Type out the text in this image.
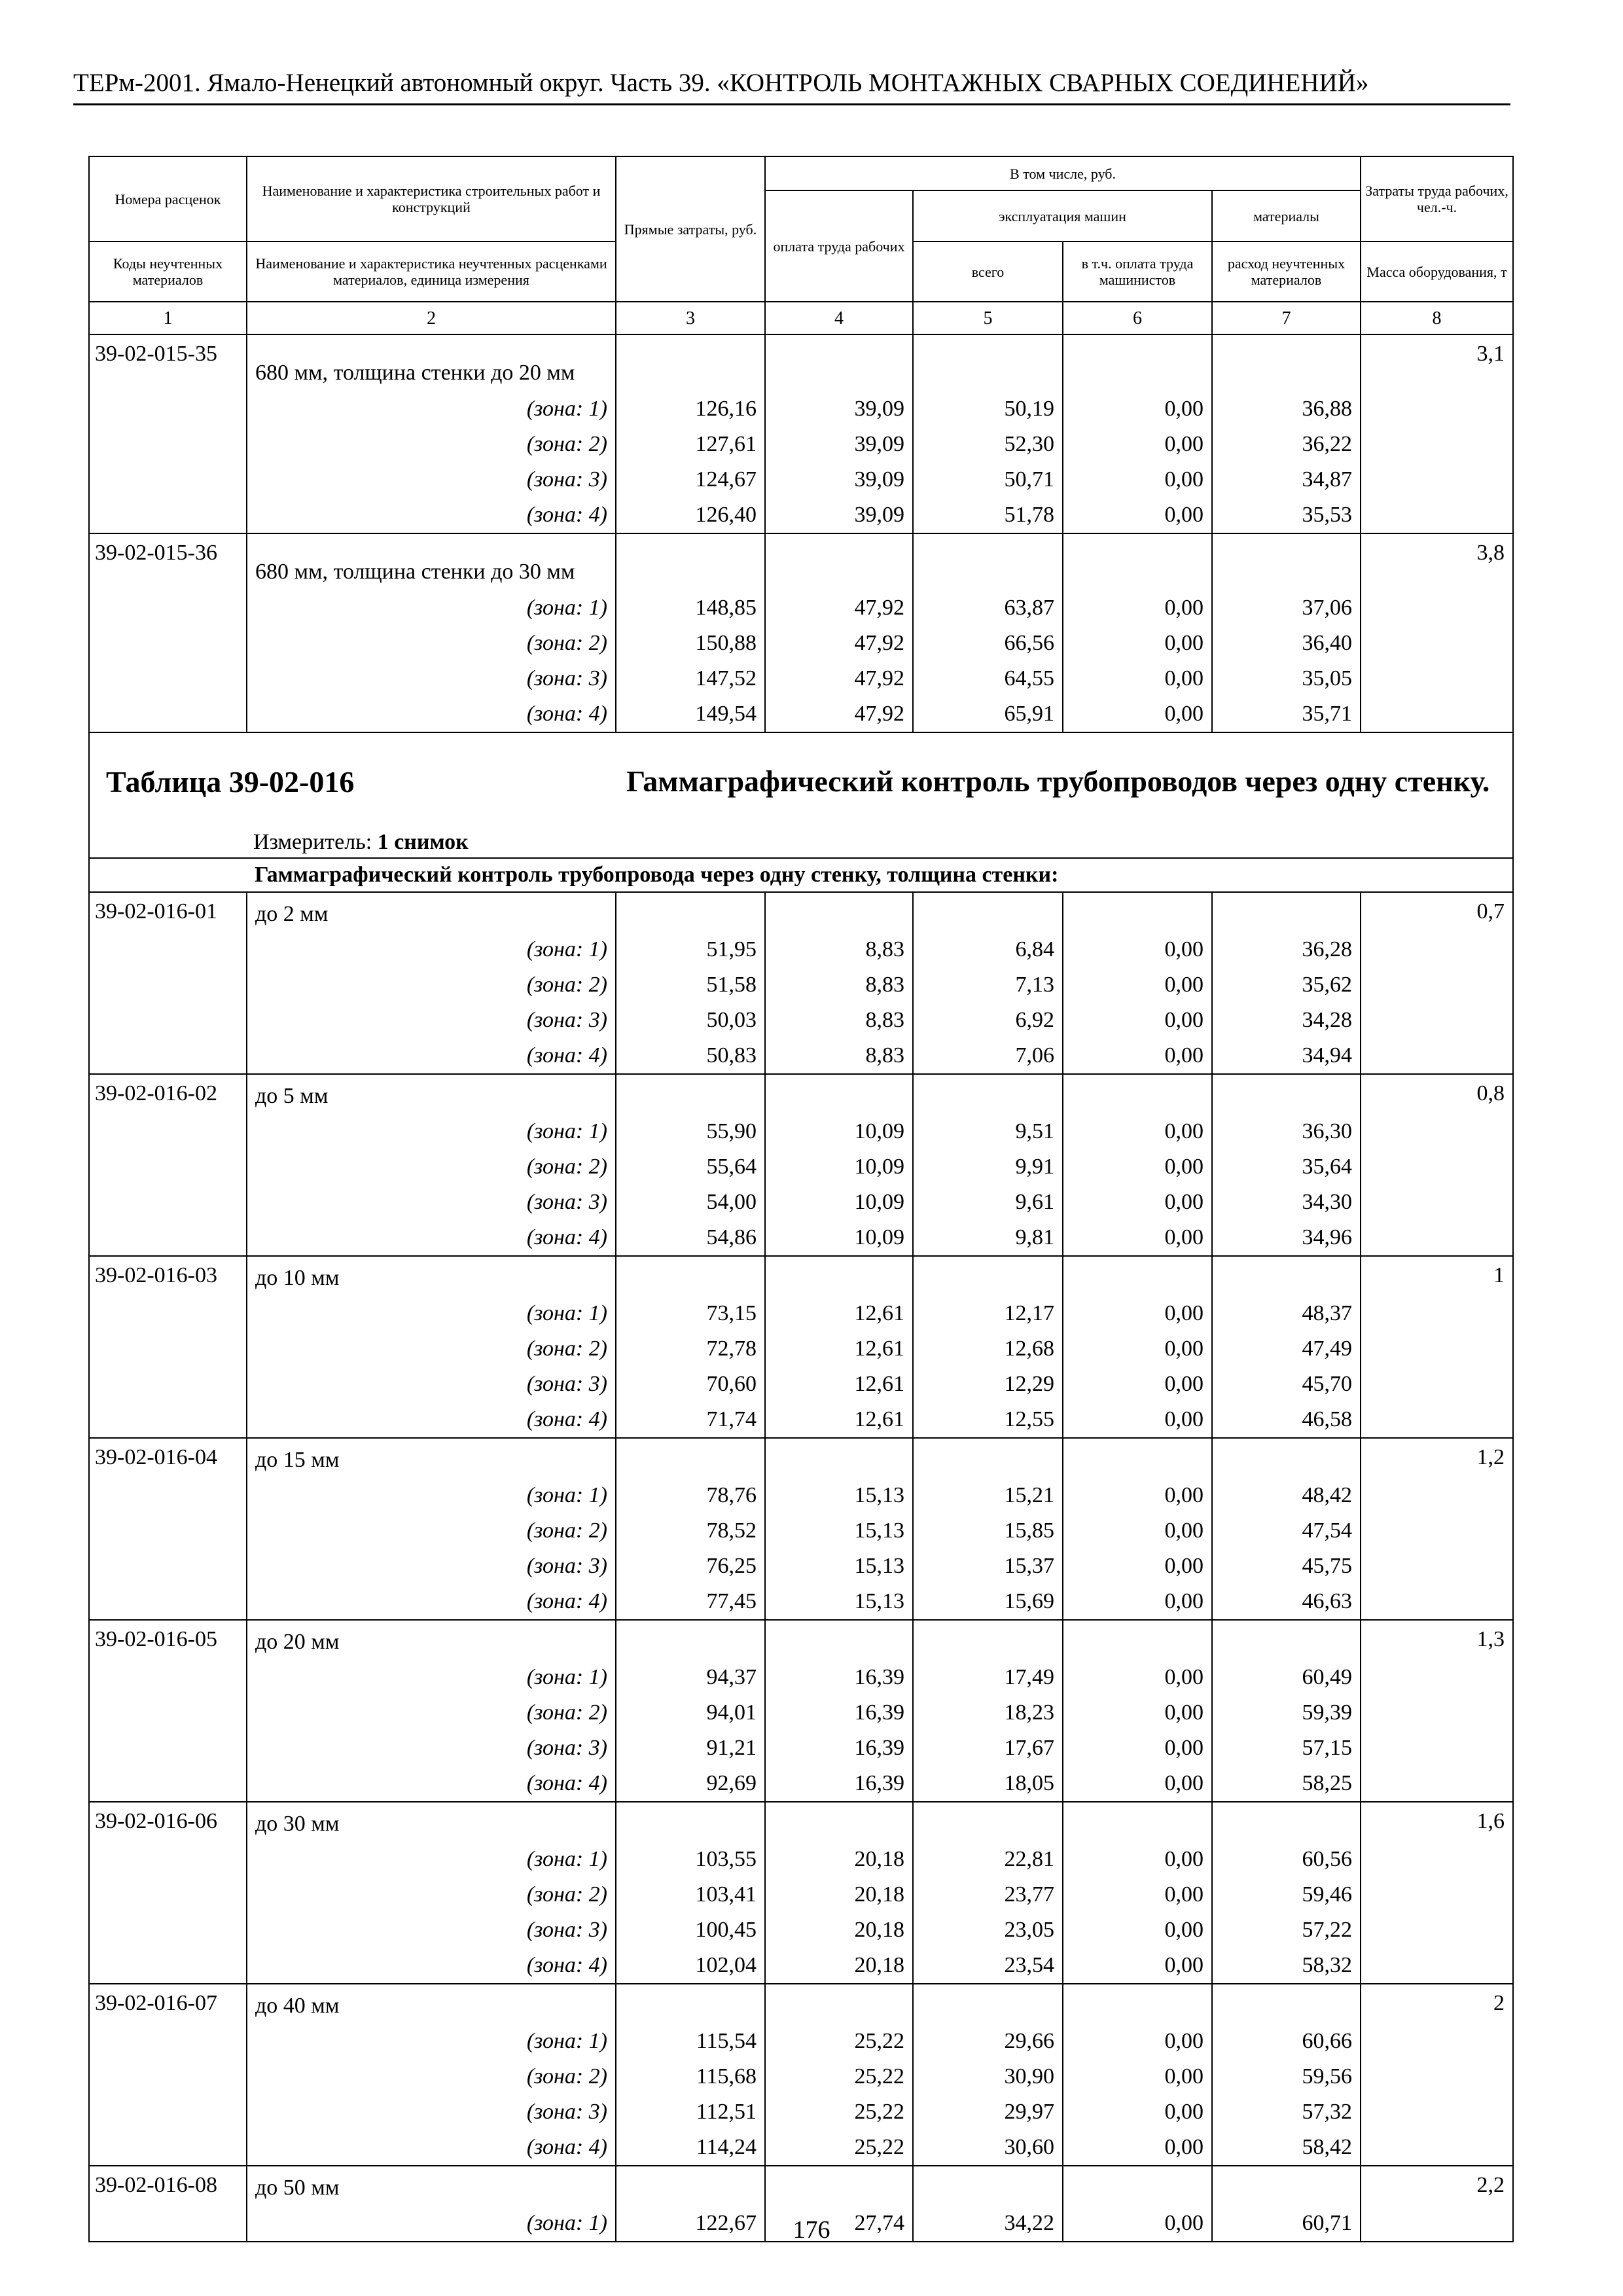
ТЕРм-2001. Ямало-Ненецкий автономный округ. Часть 39. «КОНТРОЛЬ МОНТАЖНЫХ СВАРНЫХ СОЕДИНЕНИЙ»
Номера расценок	Наименование и характеристика строительных работ и конструкций	Прямые затраты, руб.	В том числе, руб.				Затраты труда рабочих, чел.-ч.
			оплата труда рабочих	эксплуатация машин		материалы	
Коды неучтенных материалов	Наименование и характеристика неучтенных расценками материалов, единица измерения			всего	в т.ч. оплата труда машинистов	расход неучтенных материалов	Масса оборудования, т
1	2	3	4	5	6	7	8
39-02-015-35	680 мм, толщина стенки до 20 мм						3,1
	(зона: 1)	126,16	39,09	50,19	0,00	36,88	
	(зона: 2)	127,61	39,09	52,30	0,00	36,22	
	(зона: 3)	124,67	39,09	50,71	0,00	34,87	
	(зона: 4)	126,40	39,09	51,78	0,00	35,53	
39-02-015-36	680 мм, толщина стенки до 30 мм						3,8
	(зона: 1)	148,85	47,92	63,87	0,00	37,06	
	(зона: 2)	150,88	47,92	66,56	0,00	36,40	
	(зона: 3)	147,52	47,92	64,55	0,00	35,05	
	(зона: 4)	149,54	47,92	65,91	0,00	35,71	

Таблица 39-02-016 Гаммаграфический контроль трубопроводов через одну стенку.
Измеритель: 1 снимок							

Гаммаграфический контроль трубопровода через одну стенку, толщина стенки:							
39-02-016-01	до 2 мм						0,7
	(зона: 1)	51,95	8,83	6,84	0,00	36,28	
	(зона: 2)	51,58	8,83	7,13	0,00	35,62	
	(зона: 3)	50,03	8,83	6,92	0,00	34,28	
	(зона: 4)	50,83	8,83	7,06	0,00	34,94	
39-02-016-02	до 5 мм						0,8
	(зона: 1)	55,90	10,09	9,51	0,00	36,30	
	(зона: 2)	55,64	10,09	9,91	0,00	35,64	
	(зона: 3)	54,00	10,09	9,61	0,00	34,30	
	(зона: 4)	54,86	10,09	9,81	0,00	34,96	
39-02-016-03	до 10 мм						1
	(зона: 1)	73,15	12,61	12,17	0,00	48,37	
	(зона: 2)	72,78	12,61	12,68	0,00	47,49	
	(зона: 3)	70,60	12,61	12,29	0,00	45,70	
	(зона: 4)	71,74	12,61	12,55	0,00	46,58	
39-02-016-04	до 15 мм						1,2
	(зона: 1)	78,76	15,13	15,21	0,00	48,42	
	(зона: 2)	78,52	15,13	15,85	0,00	47,54	
	(зона: 3)	76,25	15,13	15,37	0,00	45,75	
	(зона: 4)	77,45	15,13	15,69	0,00	46,63	
39-02-016-05	до 20 мм						1,3
	(зона: 1)	94,37	16,39	17,49	0,00	60,49	
	(зона: 2)	94,01	16,39	18,23	0,00	59,39	
	(зона: 3)	91,21	16,39	17,67	0,00	57,15	
	(зона: 4)	92,69	16,39	18,05	0,00	58,25	
39-02-016-06	до 30 мм						1,6
	(зона: 1)	103,55	20,18	22,81	0,00	60,56	
	(зона: 2)	103,41	20,18	23,77	0,00	59,46	
	(зона: 3)	100,45	20,18	23,05	0,00	57,22	
	(зона: 4)	102,04	20,18	23,54	0,00	58,32	
39-02-016-07	до 40 мм						2
	(зона: 1)	115,54	25,22	29,66	0,00	60,66	
	(зона: 2)	115,68	25,22	30,90	0,00	59,56	
	(зона: 3)	112,51	25,22	29,97	0,00	57,32	
	(зона: 4)	114,24	25,22	30,60	0,00	58,42	
39-02-016-08	до 50 мм						2,2
	(зона: 1)	122,67	27,74	34,22	0,00	60,71	
176
